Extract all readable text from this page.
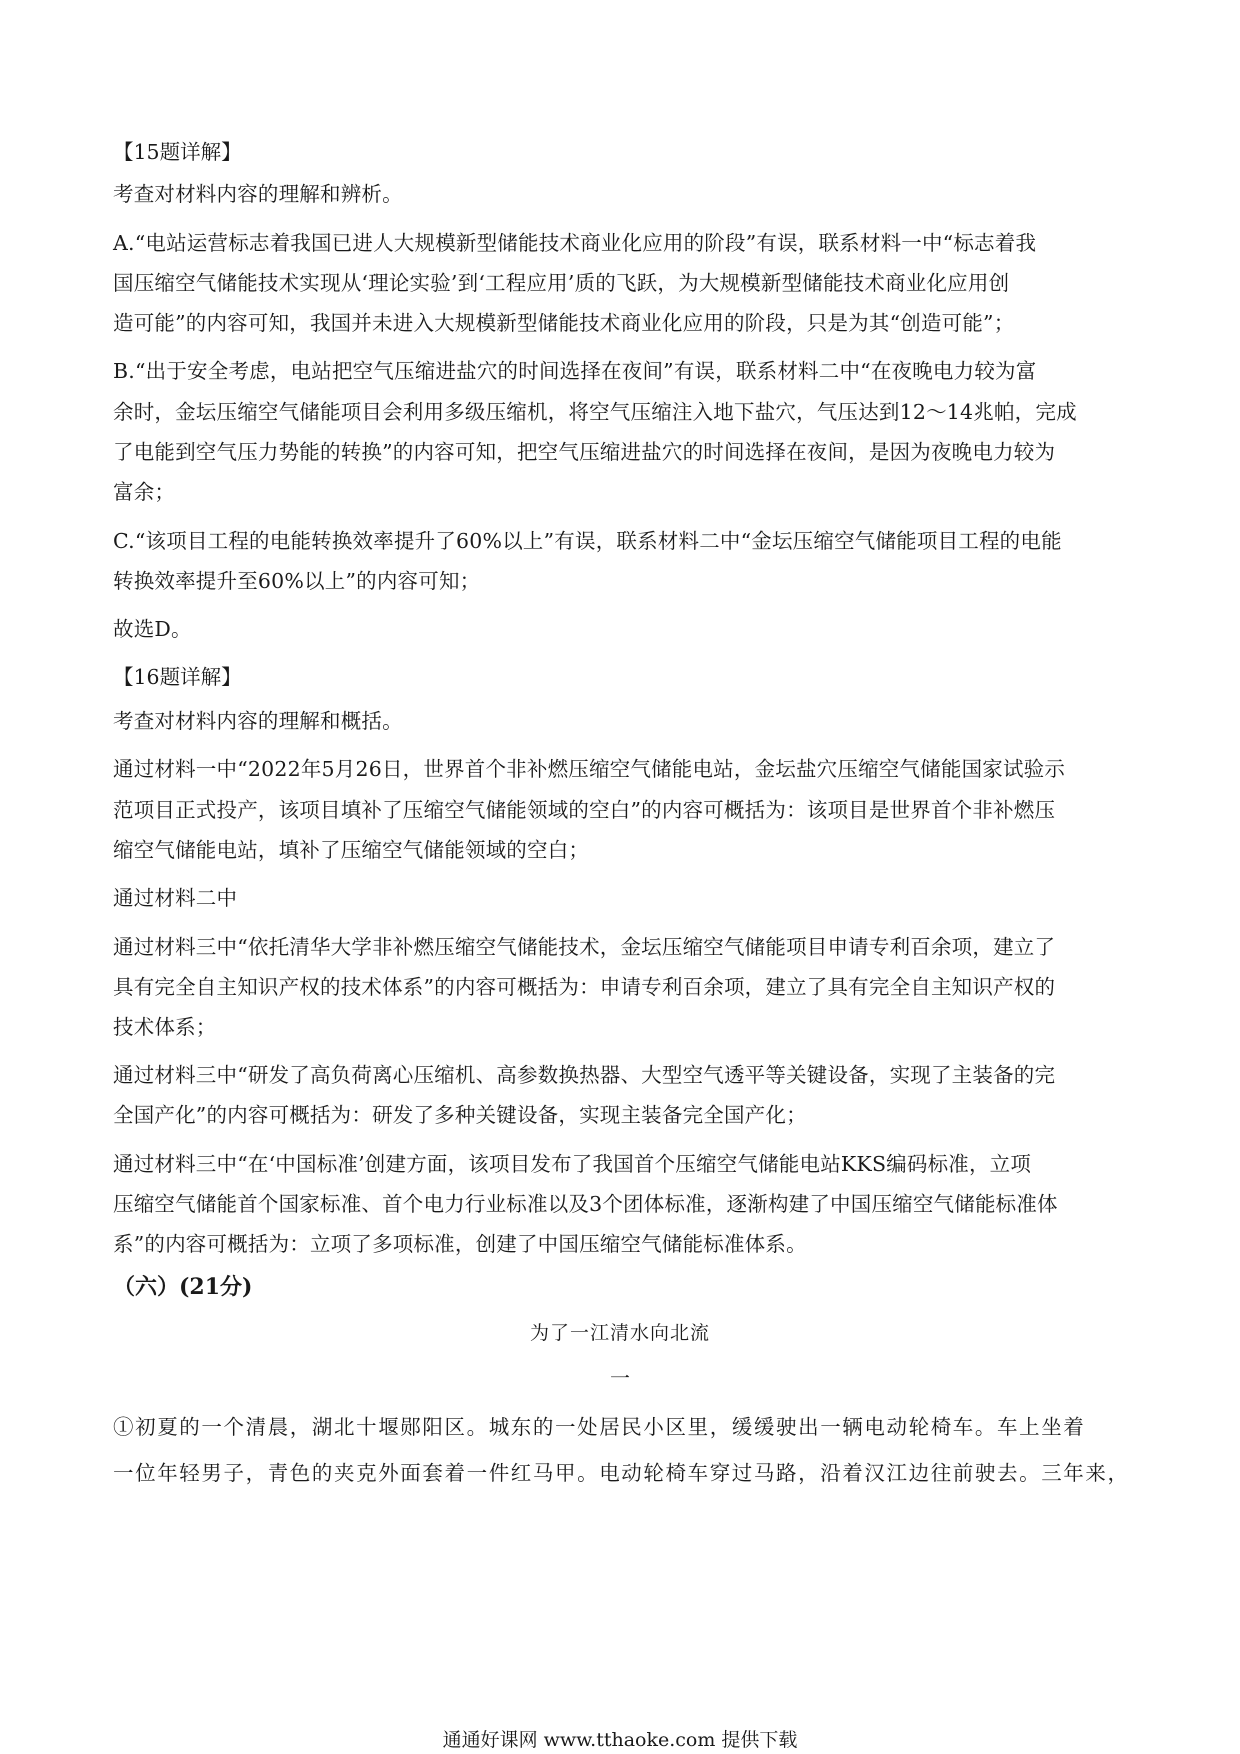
【15题详解】
考查对材料内容的理解和辨析。
A.“电站运营标志着我国已进人大规模新型储能技术商业化应用的阶段”有误，联系材料一中“标志着我
国压缩空气储能技术实现从‘理论实验’到‘工程应用’质的飞跃，为大规模新型储能技术商业化应用创
造可能”的内容可知，我国并未进入大规模新型储能技术商业化应用的阶段，只是为其“创造可能”；
B.“出于安全考虑，电站把空气压缩进盐穴的时间选择在夜间”有误，联系材料二中“在夜晚电力较为富
余时，金坛压缩空气储能项目会利用多级压缩机，将空气压缩注入地下盐穴，气压达到12～14兆帕，完成
了电能到空气压力势能的转换”的内容可知，把空气压缩进盐穴的时间选择在夜间，是因为夜晚电力较为
富余；
C.“该项目工程的电能转换效率提升了60%以上”有误，联系材料二中“金坛压缩空气储能项目工程的电能
转换效率提升至60%以上”的内容可知；
故选D。
【16题详解】
考查对材料内容的理解和概括。
通过材料一中“2022年5月26日，世界首个非补燃压缩空气储能电站，金坛盐穴压缩空气储能国家试验示
范项目正式投产，该项目填补了压缩空气储能领域的空白”的内容可概括为：该项目是世界首个非补燃压
缩空气储能电站，填补了压缩空气储能领域的空白；
通过材料二中
通过材料三中“依托清华大学非补燃压缩空气储能技术，金坛压缩空气储能项目申请专利百余项，建立了
具有完全自主知识产权的技术体系”的内容可概括为：申请专利百余项，建立了具有完全自主知识产权的
技术体系；
通过材料三中“研发了高负荷离心压缩机、高参数换热器、大型空气透平等关键设备，实现了主装备的完
全国产化”的内容可概括为：研发了多种关键设备，实现主装备完全国产化；
通过材料三中“在‘中国标准’创建方面，该项目发布了我国首个压缩空气储能电站KKS编码标准，立项
压缩空气储能首个国家标准、首个电力行业标准以及3个团体标准，逐渐构建了中国压缩空气储能标准体
系”的内容可概括为：立项了多项标准，创建了中国压缩空气储能标准体系。
（六）(21分)
为了一江清水向北流
一
①初夏的一个清晨，湖北十堰郧阳区。城东的一处居民小区里，缓缓驶出一辆电动轮椅车。车上坐着
一位年轻男子，青色的夹克外面套着一件红马甲。电动轮椅车穿过马路，沿着汉江边往前驶去。三年来，
通通好课网 www.tthaoke.com 提供下载
